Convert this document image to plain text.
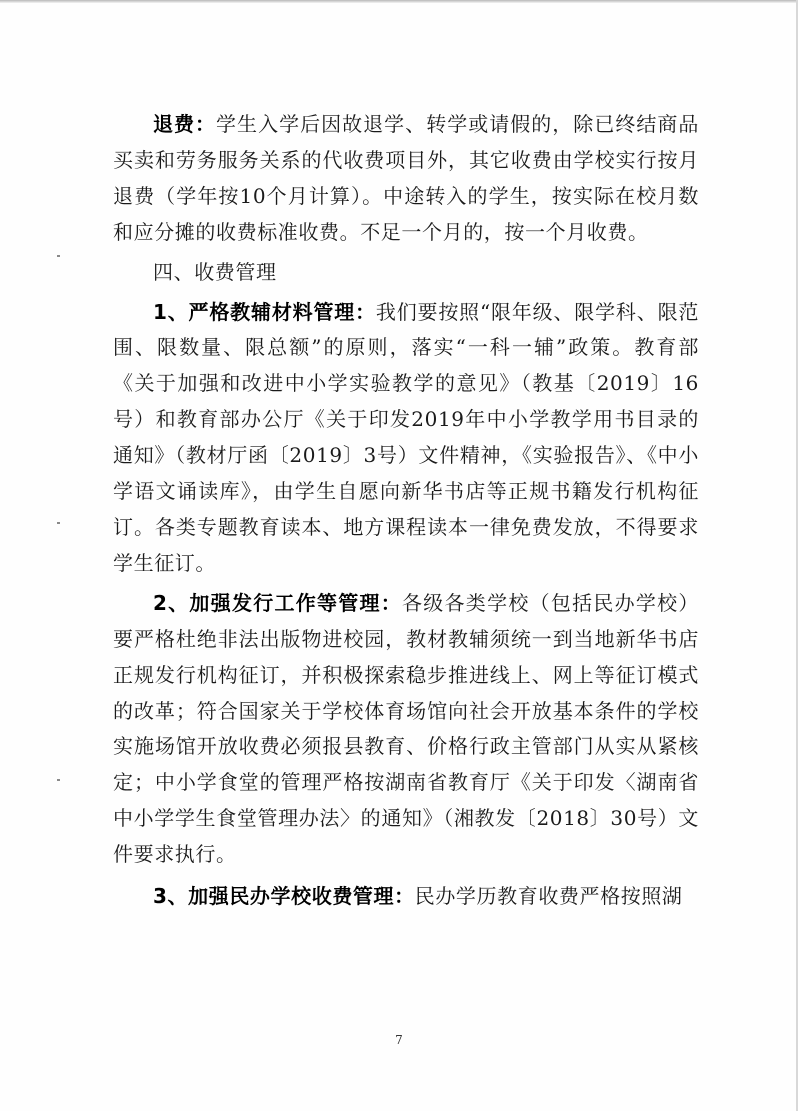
退费：学生入学后因故退学、转学或请假的，除已终结商品买卖和劳务服务关系的代收费项目外，其它收费由学校实行按月退费（学年按10个月计算）。中途转入的学生，按实际在校月数和应分摊的收费标准收费。不足一个月的，按一个月收费。

四、收费管理

1、严格教辅材料管理：我们要按照“限年级、限学科、限范围、限数量、限总额”的原则，落实“一科一辅”政策。教育部《关于加强和改进中小学实验教学的意见》（教基〔2019〕16号）和教育部办公厅《关于印发2019年中小学教学用书目录的通知》（教材厅函〔2019〕3号）文件精神，《实验报告》、《中小学语文诵读库》，由学生自愿向新华书店等正规书籍发行机构征订。各类专题教育读本、地方课程读本一律免费发放，不得要求学生征订。

2、加强发行工作等管理：各级各类学校（包括民办学校）要严格杜绝非法出版物进校园，教材教辅须统一到当地新华书店正规发行机构征订，并积极探索稳步推进线上、网上等征订模式的改革；符合国家关于学校体育场馆向社会开放基本条件的学校实施场馆开放收费必须报县教育、价格行政主管部门从实从紧核定；中小学食堂的管理严格按湖南省教育厅《关于印发〈湖南省中小学学生食堂管理办法〉的通知》（湘教发〔2018〕30号）文件要求执行。

3、加强民办学校收费管理：民办学历教育收费严格按照湖

7
